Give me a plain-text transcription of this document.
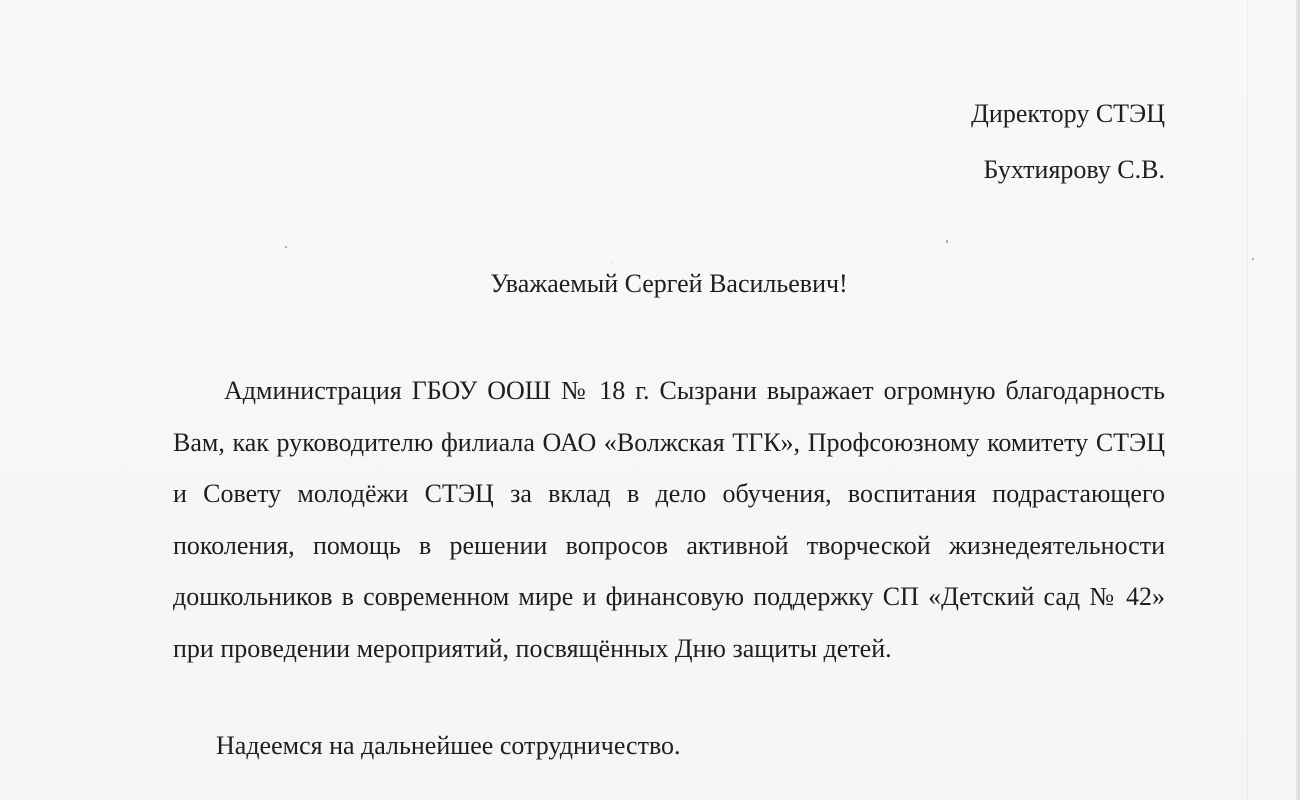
Директору СТЭЦ
Бухтиярову С.В.
Уважаемый Сергей Васильевич!

Администрация ГБОУ ООШ № 18 г. Сызрани выражает огромную благодарность Вам, как руководителю филиала ОАО «Волжская ТГК», Профсоюзному комитету СТЭЦ и Совету молодёжи СТЭЦ за вклад в дело обучения, воспитания подрастающего поколения, помощь в решении вопросов активной творческой жизнедеятельности дошкольников в современном мире и финансовую поддержку СП «Детский сад № 42» при проведении мероприятий, посвящённых Дню защиты детей.

Надеемся на дальнейшее сотрудничество.
